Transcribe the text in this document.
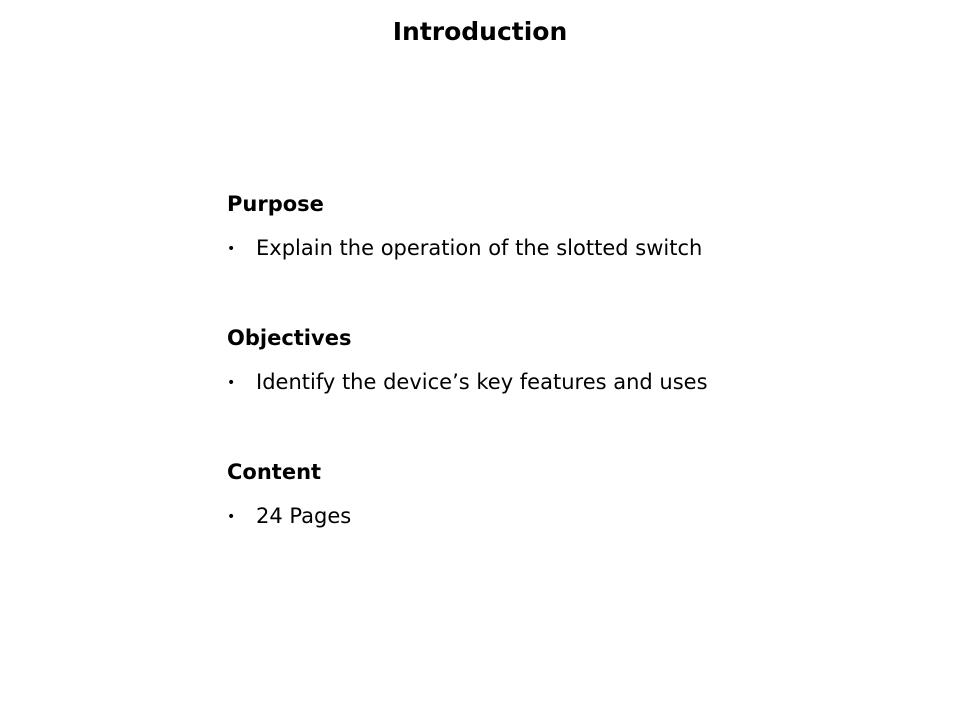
Introduction
Purpose
• Explain the operation of the slotted switch
Objectives
• Identify the device’s key features and uses
Content
• 24 Pages
